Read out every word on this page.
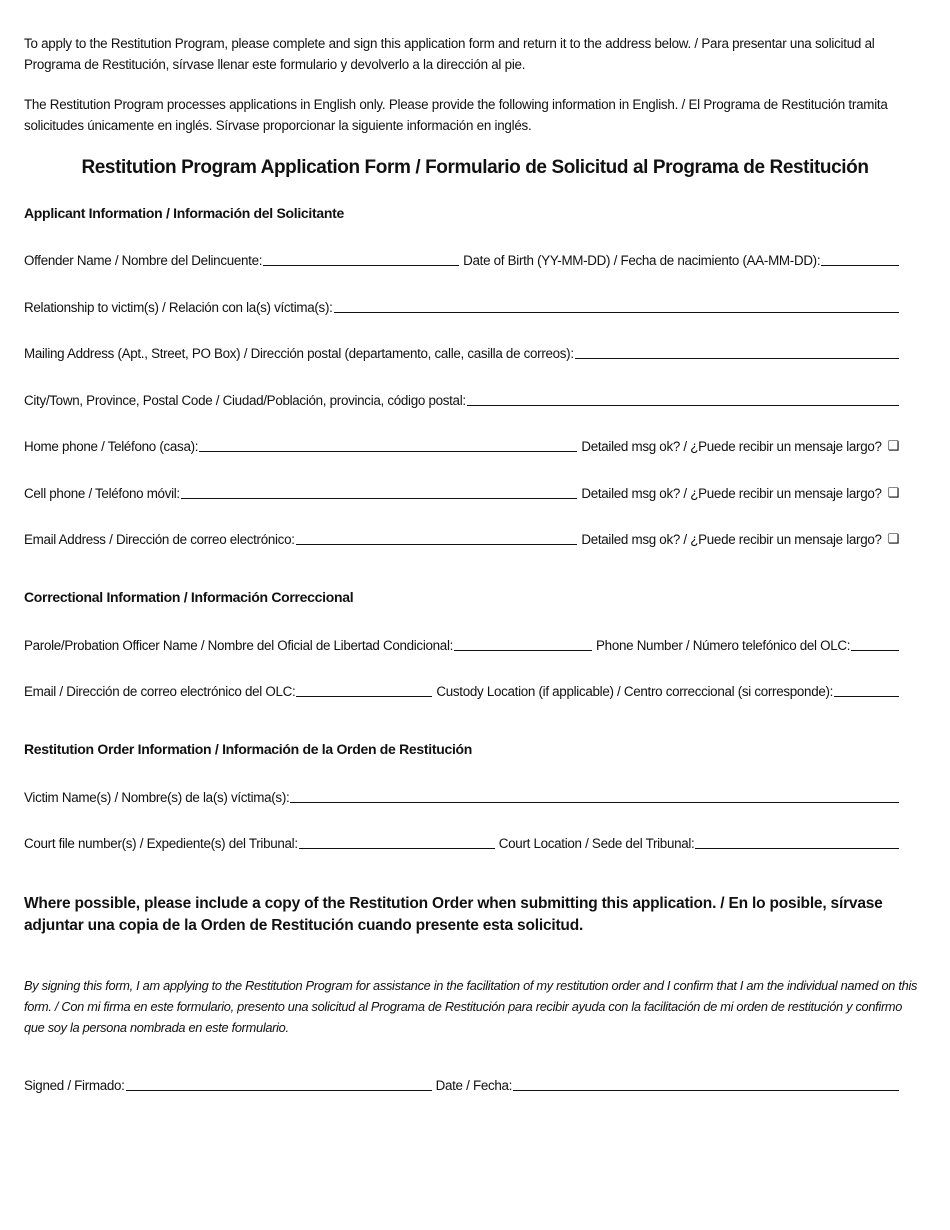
To apply to the Restitution Program, please complete and sign this application form and return it to the address below. / Para presentar una solicitud al Programa de Restitución, sírvase llenar este formulario y devolverlo a la dirección al pie.
The Restitution Program processes applications in English only. Please provide the following information in English. / El Programa de Restitución tramita solicitudes únicamente en inglés. Sírvase proporcionar la siguiente información en inglés.
Restitution Program Application Form / Formulario de Solicitud al Programa de Restitución
Applicant Information / Información del Solicitante
Offender Name / Nombre del Delincuente:	Date of Birth (YY-MM-DD) / Fecha de nacimiento (AA-MM-DD):
Relationship to victim(s) / Relación con la(s) víctima(s):
Mailing Address (Apt., Street, PO Box) / Dirección postal (departamento, calle, casilla de correos):
City/Town, Province, Postal Code / Ciudad/Población, provincia, código postal:
Home phone / Teléfono (casa):	Detailed msg ok? / ¿Puede recibir un mensaje largo? ❑
Cell phone / Teléfono móvil:	Detailed msg ok? / ¿Puede recibir un mensaje largo? ❑
Email Address / Dirección de correo electrónico:	Detailed msg ok? / ¿Puede recibir un mensaje largo? ❑
Correctional Information / Información Correccional
Parole/Probation Officer Name / Nombre del Oficial de Libertad Condicional:	Phone Number / Número telefónico del OLC:
Email / Dirección de correo electrónico del OLC:	Custody Location (if applicable) / Centro correccional (si corresponde):
Restitution Order Information / Información de la Orden de Restitución
Victim Name(s) / Nombre(s) de la(s) víctima(s):
Court file number(s) / Expediente(s) del Tribunal:	Court Location / Sede del Tribunal:
Where possible, please include a copy of the Restitution Order when submitting this application. / En lo posible, sírvase adjuntar una copia de la Orden de Restitución cuando presente esta solicitud.
By signing this form, I am applying to the Restitution Program for assistance in the facilitation of my restitution order and I confirm that I am the individual named on this form. / Con mi firma en este formulario, presento una solicitud al Programa de Restitución para recibir ayuda con la facilitación de mi orden de restitución y confirmo que soy la persona nombrada en este formulario.
Signed / Firmado:	Date / Fecha:
